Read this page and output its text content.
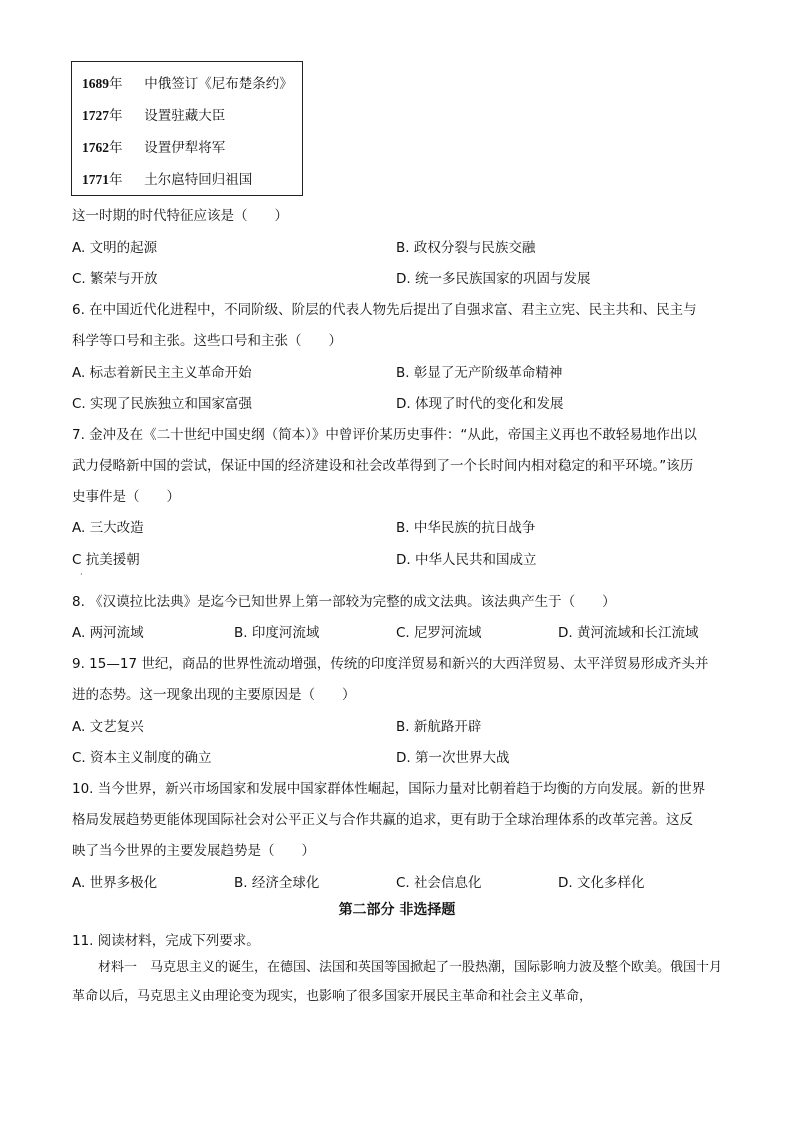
1689年 中俄签订《尼布楚条约》
1727年 设置驻藏大臣
1762年 设置伊犁将军
1771年 土尔扈特回归祖国
这一时期的时代特征应该是（　　）
A. 文明的起源	B. 政权分裂与民族交融
C. 繁荣与开放	D. 统一多民族国家的巩固与发展
6. 在中国近代化进程中，不同阶级、阶层的代表人物先后提出了自强求富、君主立宪、民主共和、民主与
科学等口号和主张。这些口号和主张（　　）
A. 标志着新民主主义革命开始	B. 彰显了无产阶级革命精神
C. 实现了民族独立和国家富强	D. 体现了时代的变化和发展
7. 金冲及在《二十世纪中国史纲（简本）》中曾评价某历史事件：“从此，帝国主义再也不敢轻易地作出以
武力侵略新中国的尝试，保证中国的经济建设和社会改革得到了一个长时间内相对稳定的和平环境。”该历
史事件是（　　）
A. 三大改造	B. 中华民族的抗日战争
C 抗美援朝	D. 中华人民共和国成立
·
8. 《汉谟拉比法典》是迄今已知世界上第一部较为完整的成文法典。该法典产生于（　　）
A. 两河流域	B. 印度河流域	C. 尼罗河流域	D. 黄河流域和长江流域
9. 15—17 世纪，商品的世界性流动增强，传统的印度洋贸易和新兴的大西洋贸易、太平洋贸易形成齐头并
进的态势。这一现象出现的主要原因是（　　）
A. 文艺复兴	B. 新航路开辟
C. 资本主义制度的确立	D. 第一次世界大战
10. 当今世界，新兴市场国家和发展中国家群体性崛起，国际力量对比朝着趋于均衡的方向发展。新的世界
格局发展趋势更能体现国际社会对公平正义与合作共赢的追求，更有助于全球治理体系的改革完善。这反
映了当今世界的主要发展趋势是（　　）
A. 世界多极化	B. 经济全球化	C. 社会信息化	D. 文化多样化
第二部分 非选择题
11. 阅读材料，完成下列要求。
材料一　马克思主义的诞生，在德国、法国和英国等国掀起了一股热潮，国际影响力波及整个欧美。俄国十月革命以后，马克思主义由理论变为现实，也影响了很多国家开展民主革命和社会主义革命，
